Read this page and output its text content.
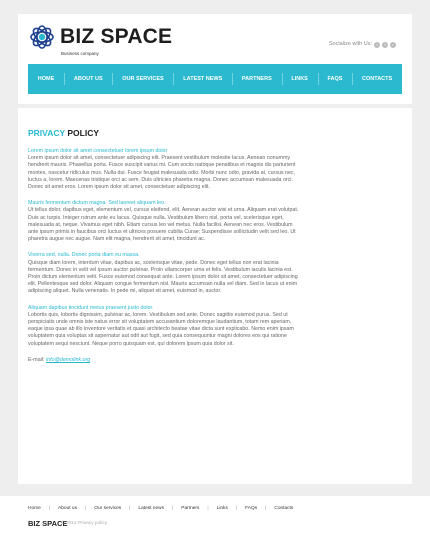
BIZ SPACE
Business company
Socialize with Us:	t	f	r
HOME	ABOUT US	OUR SERVICES	LATEST NEWS	PARTNERS	LINKS	FAQS	CONTACTS
PRIVACY POLICY
Lorem ipsum dolor sit amet consectetuer lorem ipsum dolor
Lorem ipsum dolor sit amet, consectetuer adipiscing elit. Praesent vestibulum molestie lacus. Aenean nonummy hendrerit mauris. Phasellus porta. Fusce suscipit varius mi. Cum sociis natoque penatibus et magnis dis parturient montes, nascetur ridiculus mus. Nulla dui. Fusce feugiat malesuada odio. Morbi nunc odio, gravida at, cursus nec, luctus a, lorem. Maecenas tristique orci ac sem. Duis ultricies pharetra magna. Donec accumsan malesuada orci. Donec sit amet eros. Lorem ipsum dolor sit amet, consectetuer adipiscing elit.
Mauris fermentum dictum magna. Sed laoreet aliquam leo.
Ut tellus dolor, dapibus eget, elementum vel, cursus eleifend, elit. Aenean auctor wisi et urna. Aliquam erat volutpat. Duis ac turpis. Integer rutrum ante eu lacus. Quisque nulla. Vestibulum libero nisl, porta vel, scelerisque eget, malesuada at, neque. Vivamus eget nibh. Etiam cursus leo vel metus. Nulla facilisi. Aenean nec eros. Vestibulum ante ipsum primis in faucibus orci luctus et ultrices posuere cubilia Curae; Suspendisse sollicitudin velit sed leo. Ut pharetra augue nec augue. Nam elit magna, hendrerit sit amet, tincidunt ac.
Viverra sed, nulla. Donec porta diam eu massa.
Quisque diam lorem, interdum vitae, dapibus ac, scelerisque vitae, pede. Donec eget tellus non erat lacinia fermentum. Donec in velit vel ipsum auctor pulvinar. Proin ullamcorper urna et felis. Vestibulum iaculis lacinia est. Proin dictum elementum velit. Fusce euismod consequat ante. Lorem ipsum dolor sit amet, consectetuer adipiscing elit. Pellentesque sed dolor. Aliquam congue fermentum nisl. Mauris accumsan nulla vel diam. Sed in lacus ut enim adipiscing aliquet. Nulla venenatis. In pede mi, aliquet sit amet, euismod in, auctor.
Aliquam dapibus tincidunt metus praesent justo dolor.
Lobortis quis, lobortis dignissim, pulvinar ac, lorem. Vestibulum sed ante. Donec sagittis euismod purus. Sed ut perspiciatis unde omnis iste natus error sit voluptatem accusantium doloremque laudantium, totam rem aperiam, eaque ipsa quae ab illo inventore veritatis et quasi architecto beatae vitae dicta sunt explicabo. Nemo enim ipsam voluptatem quia voluptas sit aspernatur aut odit aut fugit, sed quia consequuntur magni dolores eos qui ratione voluptatem sequi nesciunt. Neque porro quisquam est, qui dolorem ipsum quia dolor sit.
E-mail: info@demolink.org
Home | About us | Our services | Latest news | Partners | Links | FAQs | Contacts
BIZ SPACE
© 2013 Privacy policy
